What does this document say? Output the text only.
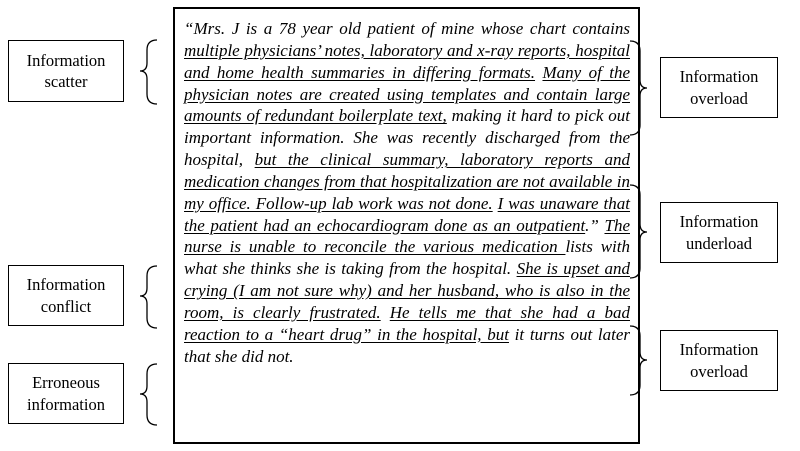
Information
scatter
Information
conflict
Erroneous
information
Information
overload
Information
underload
Information
overload
“Mrs. J is a 78 year old patient of mine whose chart contains multiple physicians’ notes, laboratory and x-ray reports, hospital and home health summaries in differing formats. Many of the physician notes are created using templates and contain large amounts of redundant boilerplate text, making it hard to pick out important information. She was recently discharged from the hospital, but the clinical summary, laboratory reports and medication changes from that hospitalization are not available in my office. Follow-up lab work was not done. I was unaware that the patient had an echocardiogram done as an outpatient.” The nurse is unable to reconcile the various medication lists with what she thinks she is taking from the hospital. She is upset and crying (I am not sure why) and her husband, who is also in the room, is clearly frustrated. He tells me that she had a bad reaction to a “heart drug” in the hospital, but it turns out later that she did not.
